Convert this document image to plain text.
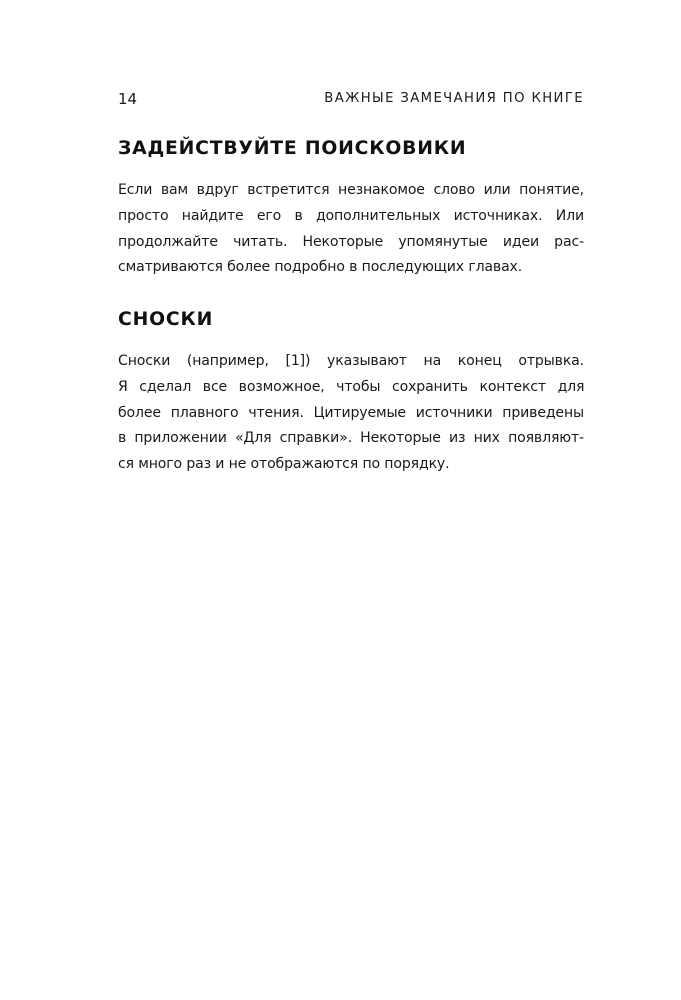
14	ВАЖНЫЕ ЗАМЕЧАНИЯ ПО КНИГЕ
ЗАДЕЙСТВУЙТЕ ПОИСКОВИКИ

Если вам вдруг встретится незнакомое слово или понятие,
просто найдите его в дополнительных источниках. Или
продолжайте читать. Некоторые упомянутые идеи рас-
сматриваются более подробно в последующих главах.

СНОСКИ

Сноски (например, [1]) указывают на конец отрывка.
Я сделал все возможное, чтобы сохранить контекст для
более плавного чтения. Цитируемые источники приведены
в приложении «Для справки». Некоторые из них появляют-
ся много раз и не отображаются по порядку.
